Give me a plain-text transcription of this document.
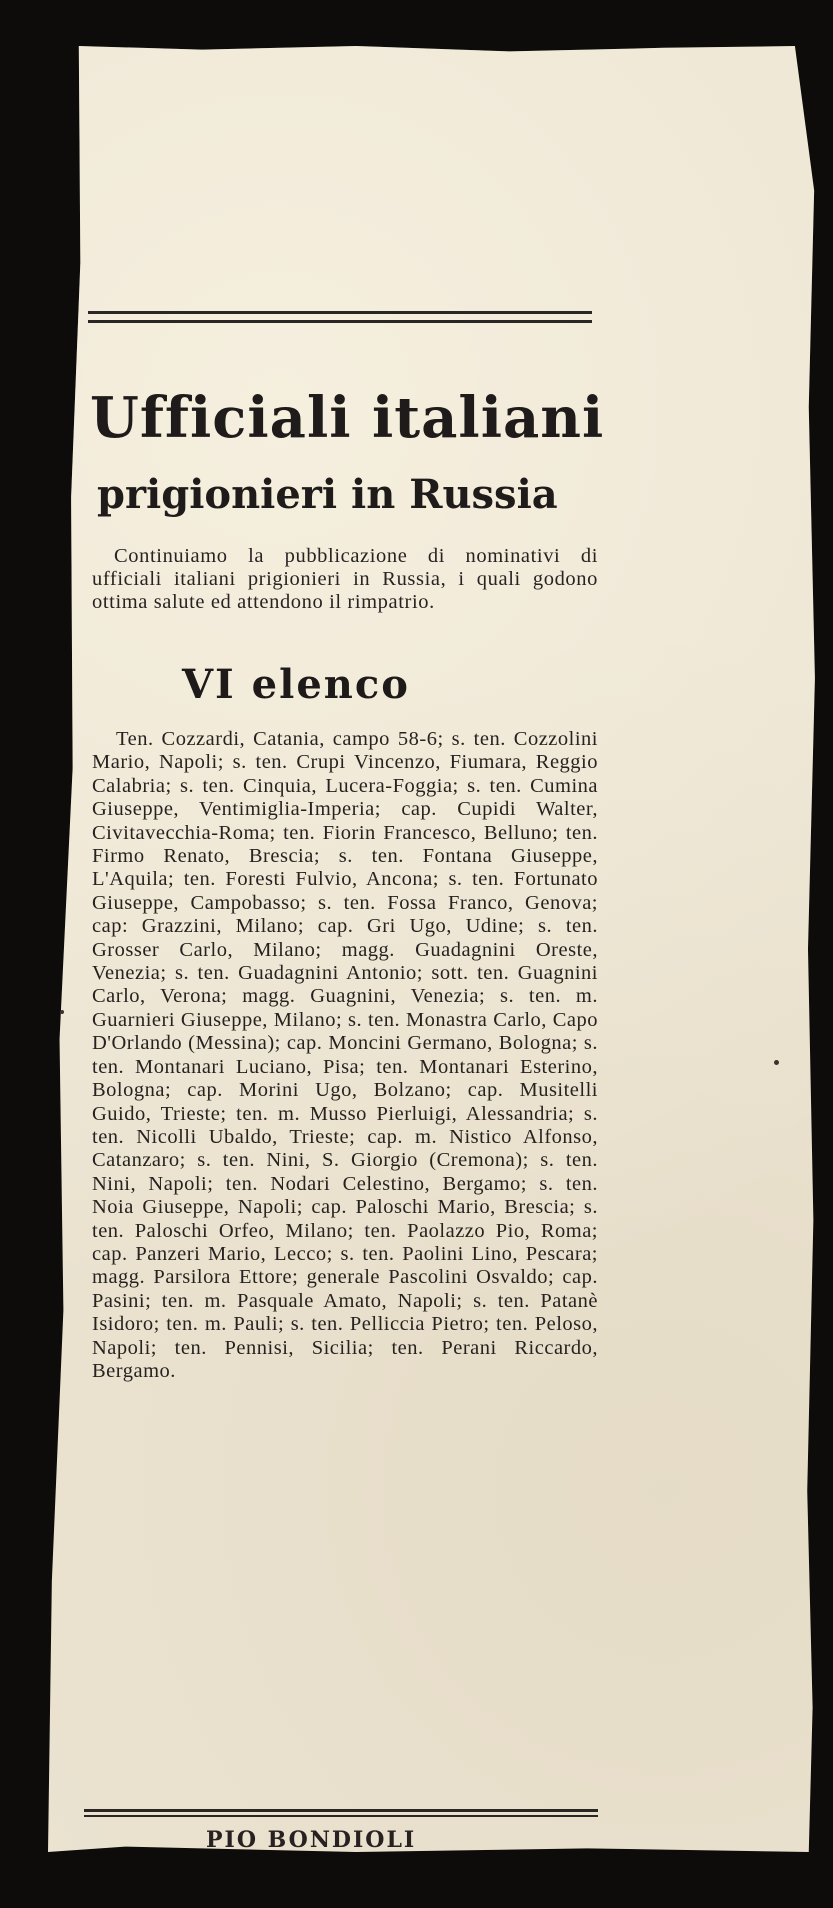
Ufficiali italiani
prigionieri in Russia
Continuiamo la pubblicazione di nominativi di ufficiali italiani prigionieri in Russia, i quali godono ottima salute ed attendono il rimpatrio.
VI elenco
Ten. Cozzardi, Catania, campo 58-6; s. ten. Cozzolini Mario, Napoli; s. ten. Crupi Vincenzo, Fiumara, Reggio Calabria; s. ten. Cinquia, Lucera-Foggia; s. ten. Cumina Giuseppe, Ventimiglia-Imperia; cap. Cupidi Walter, Civitavecchia-Roma; ten. Fiorin Francesco, Belluno; ten. Firmo Renato, Brescia; s. ten. Fontana Giuseppe, L'Aquila; ten. Foresti Fulvio, Ancona; s. ten. Fortunato Giuseppe, Campobasso; s. ten. Fossa Franco, Genova; cap: Grazzini, Milano; cap. Gri Ugo, Udine; s. ten. Grosser Carlo, Milano; magg. Guadagnini Oreste, Venezia; s. ten. Guadagnini Antonio; sott. ten. Guagnini Carlo, Verona; magg. Guagnini, Venezia; s. ten. m. Guarnieri Giuseppe, Milano; s. ten. Monastra Carlo, Capo D'Orlando (Messina); cap. Moncini Germano, Bologna; s. ten. Montanari Luciano, Pisa; ten. Montanari Esterino, Bologna; cap. Morini Ugo, Bolzano; cap. Musitelli Guido, Trieste; ten. m. Musso Pierluigi, Alessandria; s. ten. Nicolli Ubaldo, Trieste; cap. m. Nistico Alfonso, Catanzaro; s. ten. Nini, S. Giorgio (Cremona); s. ten. Nini, Napoli; ten. Nodari Celestino, Bergamo; s. ten. Noia Giuseppe, Napoli; cap. Paloschi Mario, Brescia; s. ten. Paloschi Orfeo, Milano; ten. Paolazzo Pio, Roma; cap. Panzeri Mario, Lecco; s. ten. Paolini Lino, Pescara; magg. Parsilora Ettore; generale Pascolini Osvaldo; cap. Pasini; ten. m. Pasquale Amato, Napoli; s. ten. Patanè Isidoro; ten. m. Pauli; s. ten. Pelliccia Pietro; ten. Peloso, Napoli; ten. Pennisi, Sicilia; ten. Perani Riccardo, Bergamo.
PIO BONDIOLI
